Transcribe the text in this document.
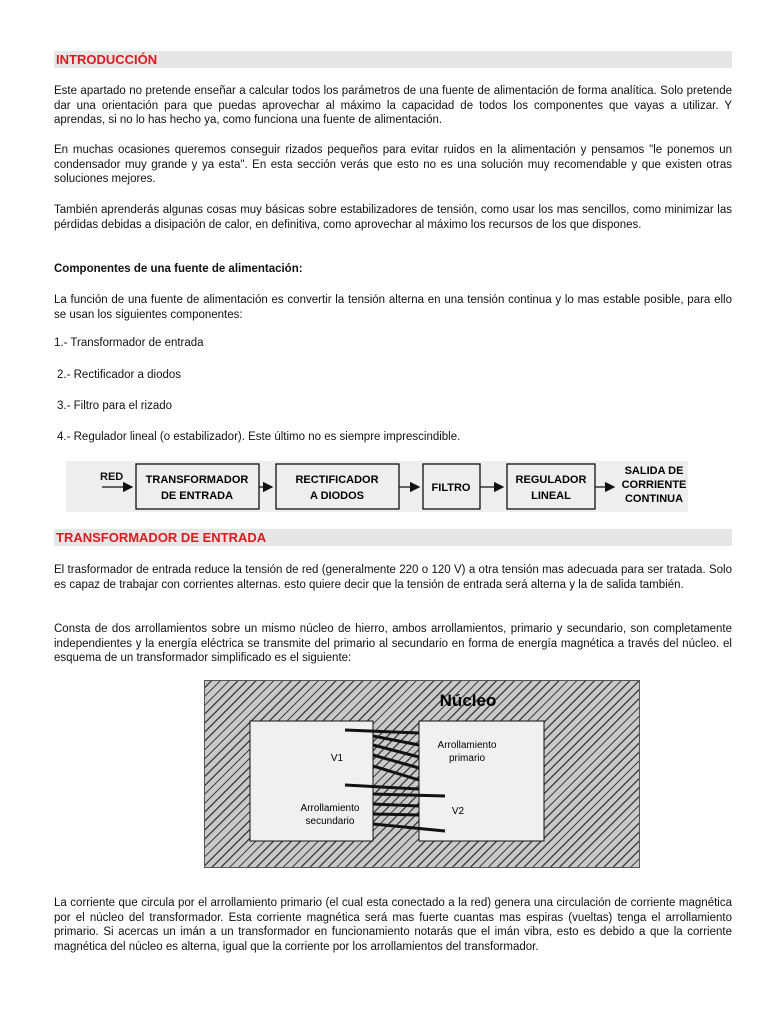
INTRODUCCIÓN

Este apartado no pretende enseñar a calcular todos los parámetros de una fuente de alimentación de forma analítica. Solo pretende dar una orientación para que puedas aprovechar al máximo la capacidad de todos los componentes que vayas a utilizar. Y aprendas, si no lo has hecho ya, como funciona una fuente de alimentación.

En muchas ocasiones queremos conseguir rizados pequeños para evitar ruidos en la alimentación y pensamos "le ponemos un condensador muy grande y ya esta". En esta sección verás que esto no es una solución muy recomendable y que existen otras soluciones mejores.

También aprenderás algunas cosas muy básicas sobre estabilizadores de tensión, como usar los mas sencillos, como minimizar las pérdidas debidas a disipación de calor, en definitiva, como aprovechar al máximo los recursos de los que dispones.

Componentes de una fuente de alimentación:

La función de una fuente de alimentación es convertir la tensión alterna en una tensión continua y lo mas estable posible, para ello se usan los siguientes componentes:

1.- Transformador de entrada
2.- Rectificador a diodos
3.- Filtro para el rizado
4.- Regulador lineal (o estabilizador). Este último no es siempre imprescindible.
RED TRANSFORMADOR
DE ENTRADA
RECTIFICADOR
A DIODOS
FILTRO
REGULADOR
LINEAL
SALIDA DE
CORRIENTE
CONTINUA
TRANSFORMADOR DE ENTRADA

El trasformador de entrada reduce la tensión de red (generalmente 220 o 120 V) a otra tensión mas adecuada para ser tratada. Solo es capaz de trabajar con corrientes alternas. esto quiere decir que la tensión de entrada será alterna y la de salida también.

Consta de dos arrollamientos sobre un mismo núcleo de hierro, ambos arrollamientos, primario y secundario, son completamente independientes y la energía eléctrica se transmite del primario al secundario en forma de energía magnética a través del núcleo. el esquema de un transformador simplificado es el siguiente:

Núcleo
V1
V2
Arrollamiento
primario
Arrollamiento
secundario

La corriente que circula por el arrollamiento primario (el cual esta conectado a la red) genera una circulación de corriente magnética por el núcleo del transformador. Esta corriente magnética será mas fuerte cuantas mas espiras (vueltas) tenga el arrollamiento primario. Si acercas un imán a un transformador en funcionamiento notarás que el imán vibra, esto es debido a que la corriente magnética del núcleo es alterna, igual que la corriente por los arrollamientos del transformador.
